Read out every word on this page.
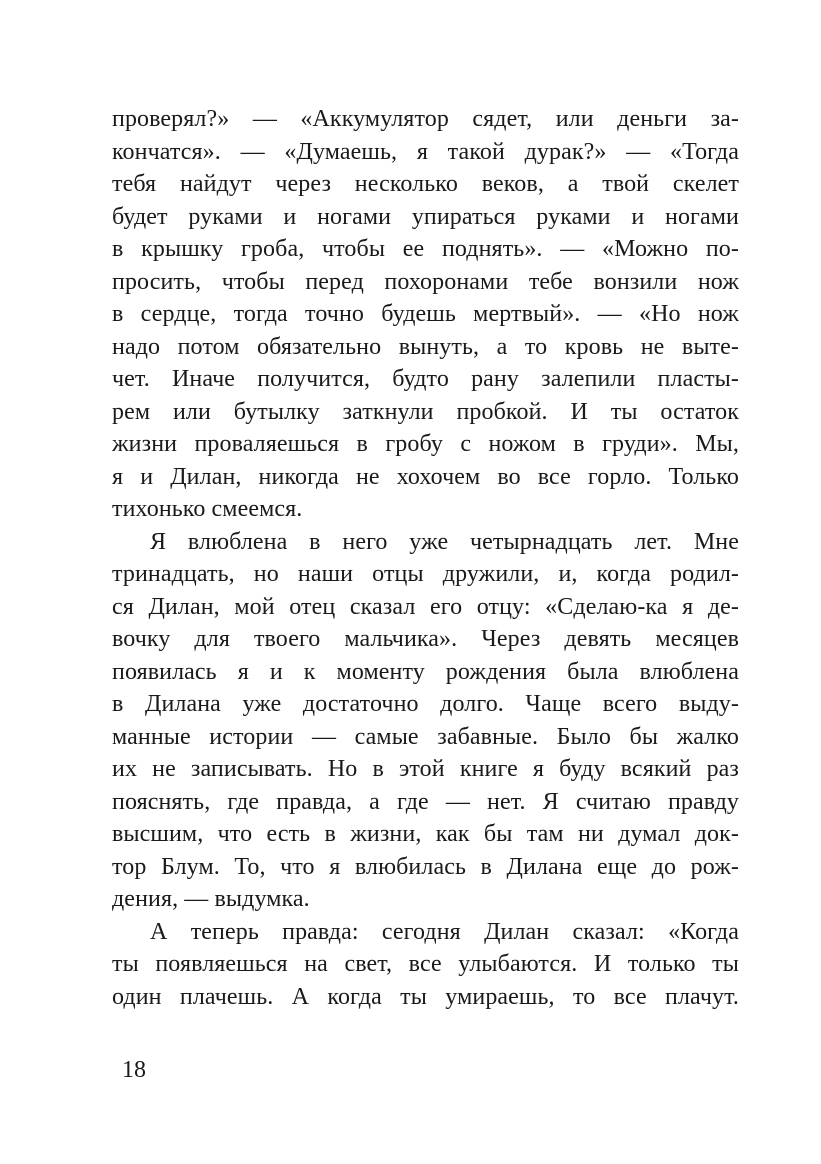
проверял?» — «Аккумулятор сядет, или деньги за-
кончатся». — «Думаешь, я такой дурак?» — «Тогда
тебя найдут через несколько веков, а твой скелет
будет руками и ногами упираться руками и ногами
в крышку гроба, чтобы ее поднять». — «Можно по-
просить, чтобы перед похоронами тебе вонзили нож
в сердце, тогда точно будешь мертвый». — «Но нож
надо потом обязательно вынуть, а то кровь не выте-
чет. Иначе получится, будто рану залепили пласты-
рем или бутылку заткнули пробкой. И ты остаток
жизни проваляешься в гробу с ножом в груди». Мы,
я и Дилан, никогда не хохочем во все горло. Только
тихонько смеемся.
Я влюблена в него уже четырнадцать лет. Мне
тринадцать, но наши отцы дружили, и, когда родил-
ся Дилан, мой отец сказал его отцу: «Сделаю-ка я де-
вочку для твоего мальчика». Через девять месяцев
появилась я и к моменту рождения была влюблена
в Дилана уже достаточно долго. Чаще всего выду-
манные истории — самые забавные. Было бы жалко
их не записывать. Но в этой книге я буду всякий раз
пояснять, где правда, а где — нет. Я считаю правду
высшим, что есть в жизни, как бы там ни думал док-
тор Блум. То, что я влюбилась в Дилана еще до рож-
дения, — выдумка.
А теперь правда: сегодня Дилан сказал: «Когда
ты появляешься на свет, все улыбаются. И только ты
один плачешь. А когда ты умираешь, то все плачут.
18
